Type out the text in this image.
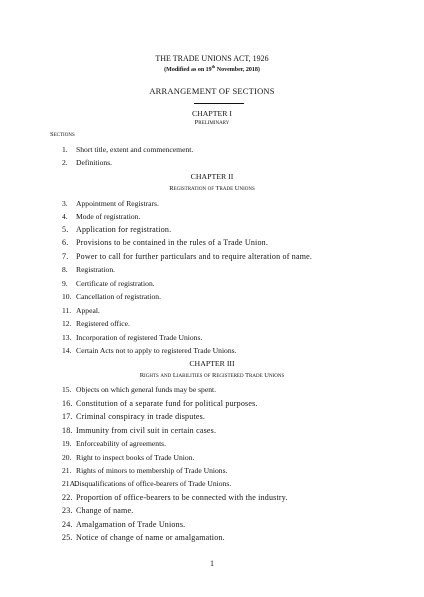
THE TRADE UNIONS ACT, 1926
(Modified as on 19th November, 2018)
ARRANGEMENT OF SECTIONS
CHAPTER I
Preliminary
Sections
1. Short title, extent and commencement.
2. Definitions.
CHAPTER II
Registration of Trade Unions
3. Appointment of Registrars.
4. Mode of registration.
5. Application for registration.
6. Provisions to be contained in the rules of a Trade Union.
7. Power to call for further particulars and to require alteration of name.
8. Registration.
9. Certificate of registration.
10. Cancellation of registration.
11. Appeal.
12. Registered office.
13. Incorporation of registered Trade Unions.
14. Certain Acts not to apply to registered Trade Unions.
CHAPTER III
Rights and Liabilities of Registered Trade Unions
15. Objects on which general funds may be spent.
16. Constitution of a separate fund for political purposes.
17. Criminal conspiracy in trade disputes.
18. Immunity from civil suit in certain cases.
19. Enforceability of agreements.
20. Right to inspect books of Trade Union.
21. Rights of minors to membership of Trade Unions.
21A.Disqualifications of office-bearers of Trade Unions.
22. Proportion of office-bearers to be connected with the industry.
23. Change of name.
24. Amalgamation of Trade Unions.
25. Notice of change of name or amalgamation.
1
